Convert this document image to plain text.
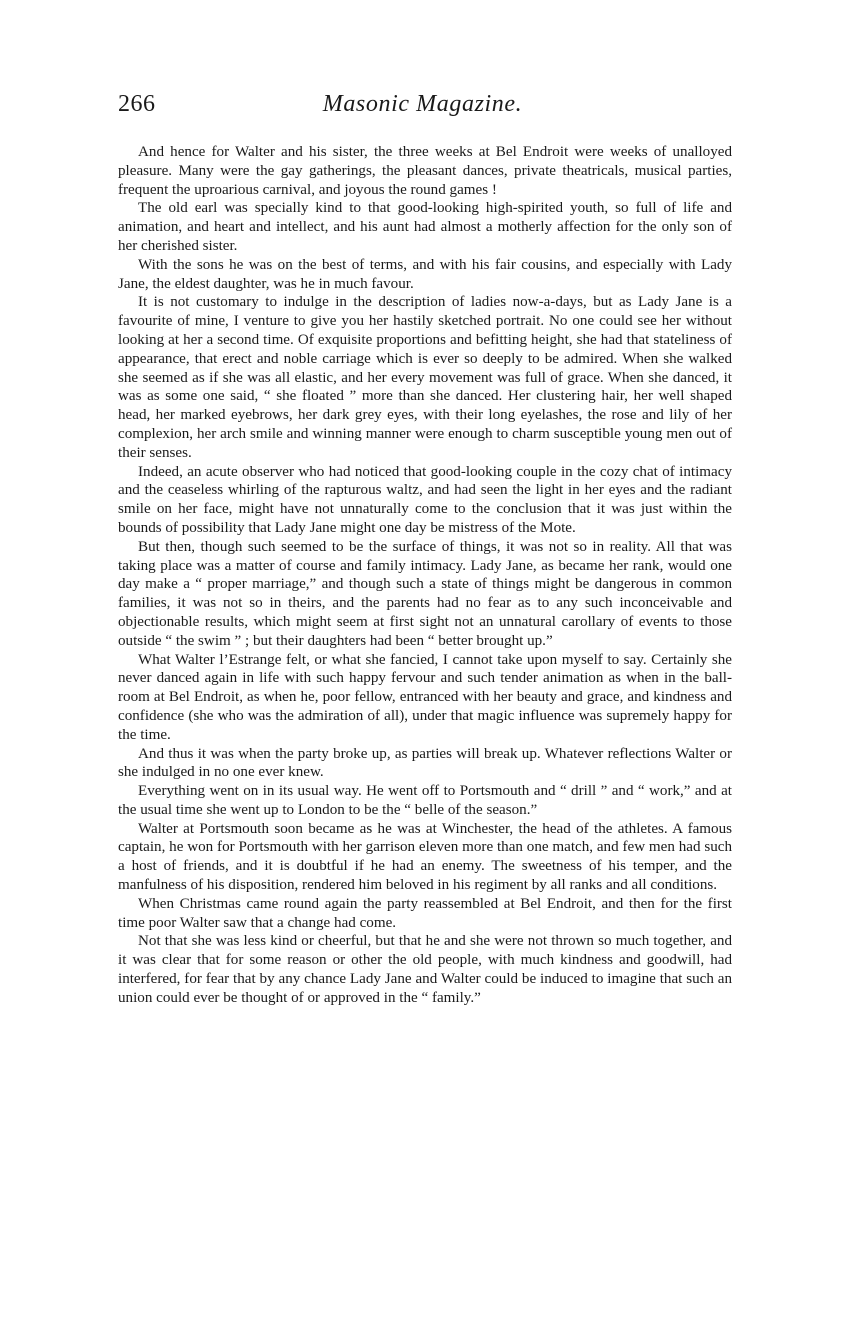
266	Masonic Magazine.

And hence for Walter and his sister, the three weeks at Bel Endroit were weeks of unalloyed pleasure. Many were the gay gatherings, the pleasant dances, private theatricals, musical parties, frequent the uproarious carnival, and joyous the round games !

The old earl was specially kind to that good-looking high-spirited youth, so full of life and animation, and heart and intellect, and his aunt had almost a motherly affection for the only son of her cherished sister.

With the sons he was on the best of terms, and with his fair cousins, and especially with Lady Jane, the eldest daughter, was he in much favour.

It is not customary to indulge in the description of ladies now-a-days, but as Lady Jane is a favourite of mine, I venture to give you her hastily sketched portrait. No one could see her without looking at her a second time. Of exquisite proportions and befitting height, she had that stateliness of appearance, that erect and noble carriage which is ever so deeply to be admired. When she walked she seemed as if she was all elastic, and her every movement was full of grace. When she danced, it was as some one said, “ she floated ” more than she danced. Her clustering hair, her well shaped head, her marked eyebrows, her dark grey eyes, with their long eyelashes, the rose and lily of her complexion, her arch smile and winning manner were enough to charm susceptible young men out of their senses.

Indeed, an acute observer who had noticed that good-looking couple in the cozy chat of intimacy and the ceaseless whirling of the rapturous waltz, and had seen the light in her eyes and the radiant smile on her face, might have not unnaturally come to the conclusion that it was just within the bounds of possibility that Lady Jane might one day be mistress of the Mote.

But then, though such seemed to be the surface of things, it was not so in reality. All that was taking place was a matter of course and family intimacy. Lady Jane, as became her rank, would one day make a “ proper marriage,” and though such a state of things might be dangerous in common families, it was not so in theirs, and the parents had no fear as to any such inconceivable and objectionable results, which might seem at first sight not an unnatural carollary of events to those outside “ the swim ” ; but their daughters had been “ better brought up.”

What Walter l’Estrange felt, or what she fancied, I cannot take upon myself to say. Certainly she never danced again in life with such happy fervour and such tender animation as when in the ball-room at Bel Endroit, as when he, poor fellow, entranced with her beauty and grace, and kindness and confidence (she who was the admiration of all), under that magic influence was supremely happy for the time.

And thus it was when the party broke up, as parties will break up. Whatever reflections Walter or she indulged in no one ever knew.

Everything went on in its usual way. He went off to Portsmouth and “ drill ” and “ work,” and at the usual time she went up to London to be the “ belle of the season.”

Walter at Portsmouth soon became as he was at Winchester, the head of the athletes. A famous captain, he won for Portsmouth with her garrison eleven more than one match, and few men had such a host of friends, and it is doubtful if he had an enemy. The sweetness of his temper, and the manfulness of his disposition, rendered him beloved in his regiment by all ranks and all conditions.

When Christmas came round again the party reassembled at Bel Endroit, and then for the first time poor Walter saw that a change had come.

Not that she was less kind or cheerful, but that he and she were not thrown so much together, and it was clear that for some reason or other the old people, with much kindness and goodwill, had interfered, for fear that by any chance Lady Jane and Walter could be induced to imagine that such an union could ever be thought of or approved in the “ family.”
